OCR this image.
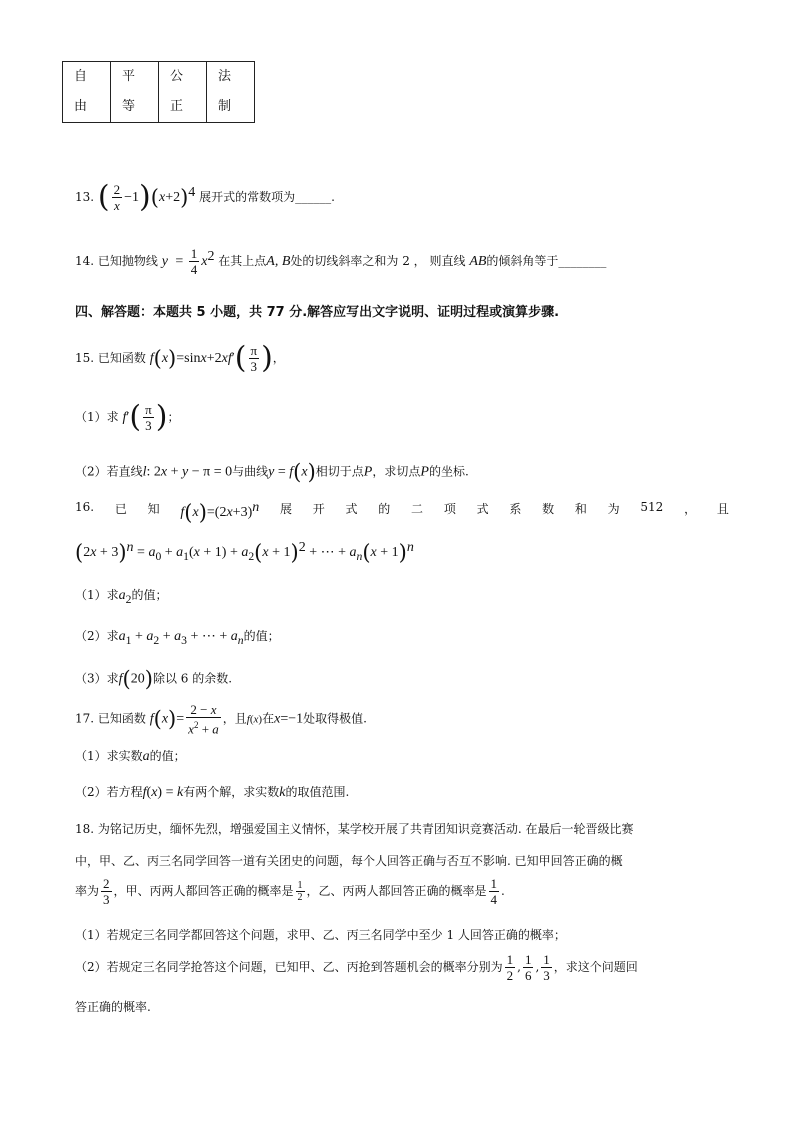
自
由

平
等

公
正

法
制
13. ( $\frac{2}{x} -1)(x+2)^4$ 展开式的常数项为______.
14. 已知抛物线 $y = \frac{1}{4} x^2$ 在其上点A, B处的切线斜率之和为 2 ， 则直线 AB的倾斜角等于________
四、解答题：本题共 5 小题，共 77 分.解答应写出文字说明、证明过程或演算步骤.
15. 已知函数 $f(x)=\sin x+2xf'( \frac{\pi}{3}$ )，
（1）求 $f'( \frac{\pi}{3}$ )；
（2）若直线l: 2x + y − π = 0与曲线y = f(x)相切于点P，求切点P的坐标.
16. 已 知 $f(x)=(2x+3)^n$ 展 开 式 的 二 项 式 系 数 和 为 512 ， 且
$(2x + 3)^n = a_0 + a_1(x + 1) + a_2(x + 1)^2$ + ⋯ + $a_n(x + 1)^n$
（1）求$a_2$的值；
（2）求$a_1 + a_2 + a_3$ + ⋯ + $a_n$的值；
（3）求f(20)除以 6 的余数.
17. 已知函数 $f(x)= \frac{2 - x}{x^2 + a}$ ，且f(x)在x=−1处取得极值.
（1）求实数a的值；
（2）若方程f(x) = k有两个解，求实数k的取值范围.
18. 为铭记历史，缅怀先烈，增强爱国主义情怀，某学校开展了共青团知识竞赛活动. 在最后一轮晋级比赛
中，甲、乙、丙三名同学回答一道有关团史的问题，每个人回答正确与否互不影响. 已知甲回答正确的概
率为 $\frac{2}{3}$ ，甲、丙两人都回答正确的概率是 $\frac{1}{2}$ ，乙、丙两人都回答正确的概率是 $\frac{1}{4}$ .
（1）若规定三名同学都回答这个问题，求甲、乙、丙三名同学中至少 1 人回答正确的概率；
（2）若规定三名同学抢答这个问题，已知甲、乙、丙抢到答题机会的概率分别为 $\frac{1}{2}$ , $\frac{1}{6}$ , $\frac{1}{3}$ ，求这个问题回
答正确的概率.
